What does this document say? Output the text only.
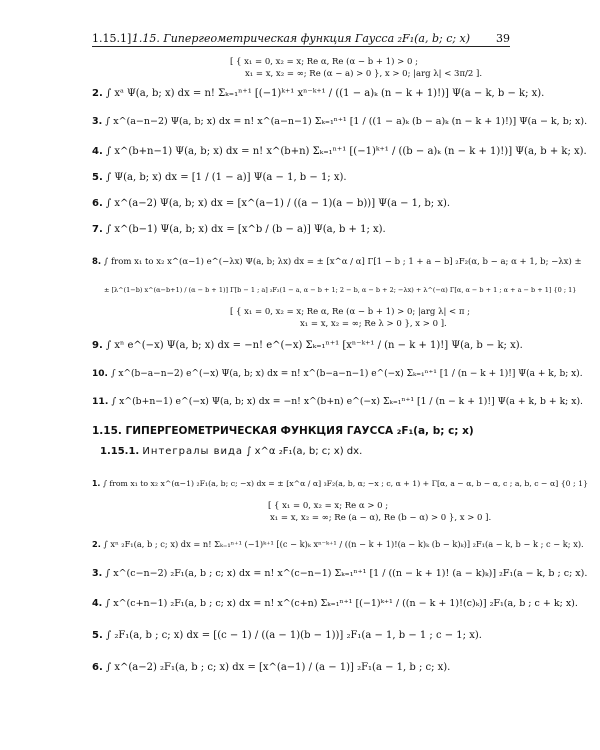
1.15.1] 1.15. Гипергеометрическая функция Гаусса ₂F₁(a, b; c; x)	39
[ { x₁ = 0, x₂ = x; Re α, Re (α − b + 1) > 0 ;
x₁ = x, x₂ = ∞; Re (α − a) > 0 }, x > 0; |arg λ| < 3π/2 ].
2. ∫ xᵃ Ψ(a, b; x) dx = n! Σₖ₌₁ⁿ⁺¹ [(−1)ᵏ⁺¹ xⁿ⁻ᵏ⁺¹ / ((1 − a)ₖ (n − k + 1)!)] Ψ(a − k, b − k; x).
3. ∫ x^(a−n−2) Ψ(a, b; x) dx = n! x^(a−n−1) Σₖ₌₁ⁿ⁺¹ [1 / ((1 − a)ₖ (b − a)ₖ (n − k + 1)!)] Ψ(a − k, b; x).
4. ∫ x^(b+n−1) Ψ(a, b; x) dx = n! x^(b+n) Σₖ₌₁ⁿ⁺¹ [(−1)ᵏ⁺¹ / ((b − a)ₖ (n − k + 1)!)] Ψ(a, b + k; x).
5. ∫ Ψ(a, b; x) dx = [1 / (1 − a)] Ψ(a − 1, b − 1; x).
6. ∫ x^(a−2) Ψ(a, b; x) dx = [x^(a−1) / ((a − 1)(a − b))] Ψ(a − 1, b; x).
7. ∫ x^(b−1) Ψ(a, b; x) dx = [x^b / (b − a)] Ψ(a, b + 1; x).
8. ∫ from x₁ to x₂ x^(α−1) e^(−λx) Ψ(a, b; λx) dx = ± [x^α / α] Γ[1 − b ; 1 + a − b] ₂F₂(α, b − a; α + 1, b; −λx) ±
± [λ^(1−b) x^(α−b+1) / (α − b + 1)] Γ[b − 1 ; a] ₂F₂(1 − a, α − b + 1; 2 − b, α − b + 2; −λx) + λ^(−α) Γ[α, α − b + 1 ; α + a − b + 1] {0 ; 1}
[ { x₁ = 0, x₂ = x; Re α, Re (α − b + 1) > 0; |arg λ| < π ;
x₁ = x, x₂ = ∞; Re λ > 0 }, x > 0 ].
9. ∫ xⁿ e^(−x) Ψ(a, b; x) dx = −n! e^(−x) Σₖ₌₁ⁿ⁺¹ [xⁿ⁻ᵏ⁺¹ / (n − k + 1)!] Ψ(a, b − k; x).
10. ∫ x^(b−a−n−2) e^(−x) Ψ(a, b; x) dx = n! x^(b−a−n−1) e^(−x) Σₖ₌₁ⁿ⁺¹ [1 / (n − k + 1)!] Ψ(a + k, b; x).
11. ∫ x^(b+n−1) e^(−x) Ψ(a, b; x) dx = −n! x^(b+n) e^(−x) Σₖ₌₁ⁿ⁺¹ [1 / (n − k + 1)!] Ψ(a + k, b + k; x).
1.15. ГИПЕРГЕОМЕТРИЧЕСКАЯ ФУНКЦИЯ ГАУССА ₂F₁(a, b; c; x)
1.15.1. Интегралы вида ∫ x^α ₂F₁(a, b; c; x) dx.
1. ∫ from x₁ to x₂ x^(α−1) ₂F₁(a, b; c; −x) dx = ± [x^α / α] ₃F₂(a, b, α; −x ; c, α + 1) + Γ[α, a − α, b − α, c ; a, b, c − α] {0 ; 1}
[ { x₁ = 0, x₂ = x; Re α > 0 ;
x₁ = x, x₂ = ∞; Re (a − α), Re (b − α) > 0 }, x > 0 ].
2. ∫ xⁿ ₂F₁(a, b ; c; x) dx = n! Σₖ₌₁ⁿ⁺¹ (−1)ᵏ⁺¹ [(c − k)ₖ xⁿ⁻ᵏ⁺¹ / ((n − k + 1)!(a − k)ₖ (b − k)ₖ)] ₂F₁(a − k, b − k ; c − k; x).
3. ∫ x^(c−n−2) ₂F₁(a, b ; c; x) dx = n! x^(c−n−1) Σₖ₌₁ⁿ⁺¹ [1 / ((n − k + 1)! (a − k)ₖ)] ₂F₁(a − k, b ; c; x).
4. ∫ x^(c+n−1) ₂F₁(a, b ; c; x) dx = n! x^(c+n) Σₖ₌₁ⁿ⁺¹ [(−1)ᵏ⁺¹ / ((n − k + 1)!(c)ₖ)] ₂F₁(a, b ; c + k; x).
5. ∫ ₂F₁(a, b ; c; x) dx = [(c − 1) / ((a − 1)(b − 1))] ₂F₁(a − 1, b − 1 ; c − 1; x).
6. ∫ x^(a−2) ₂F₁(a, b ; c; x) dx = [x^(a−1) / (a − 1)] ₂F₁(a − 1, b ; c; x).
